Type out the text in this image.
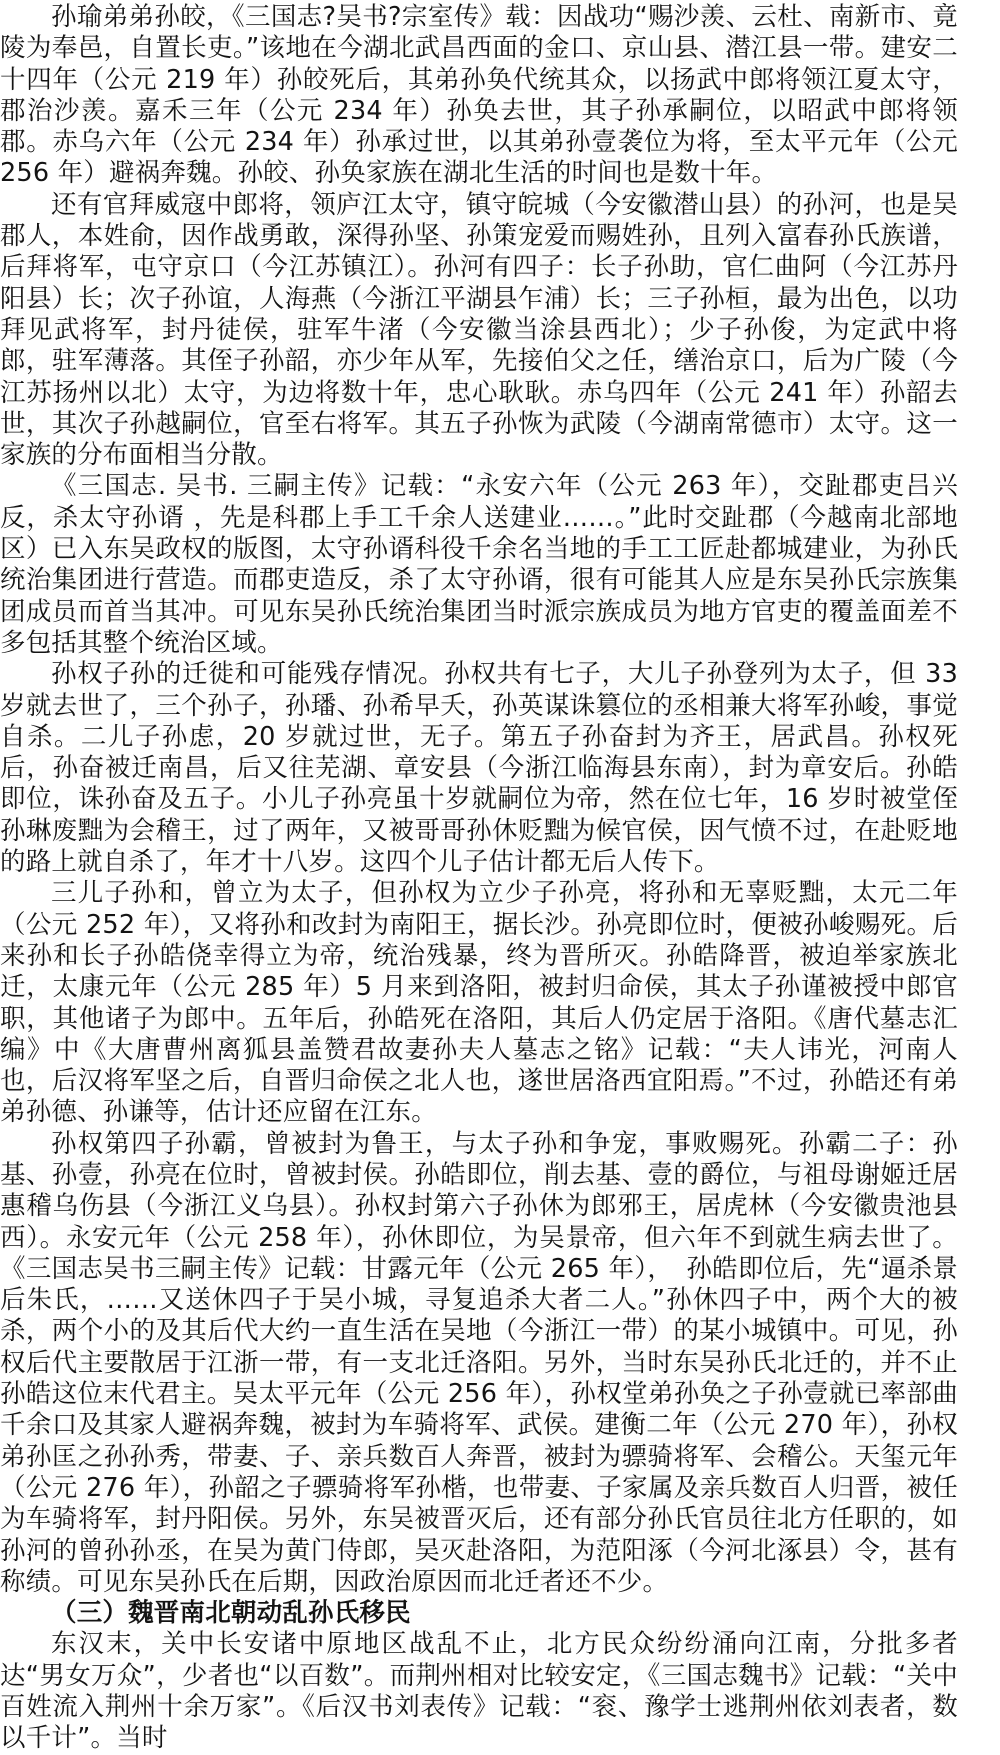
孙瑜弟弟孙皎，《三国志?吴书?宗室传》载：因战功“赐沙羡、云杜、南新市、竟陵为奉邑，自置长吏。”该地在今湖北武昌西面的金口、京山县、潜江县一带。建安二十四年（公元 219 年）孙皎死后，其弟孙奂代统其众，以扬武中郎将领江夏太守，郡治沙羡。嘉禾三年（公元 234 年）孙奂去世，其子孙承嗣位，以昭武中郎将领郡。赤乌六年（公元 234 年）孙承过世，以其弟孙壹袭位为将，至太平元年（公元 256 年）避祸奔魏。孙皎、孙奂家族在湖北生活的时间也是数十年。

还有官拜威寇中郎将，领庐江太守，镇守皖城（今安徽潜山县）的孙河，也是吴郡人，本姓俞，因作战勇敢，深得孙坚、孙策宠爱而赐姓孙，且列入富春孙氏族谱，后拜将军，屯守京口（今江苏镇江）。孙河有四子：长子孙助，官仁曲阿（今江苏丹阳县）长；次子孙谊，人海燕（今浙江平湖县乍浦）长；三子孙桓，最为出色，以功拜见武将军，封丹徒侯，驻军牛渚（今安徽当涂县西北）；少子孙俊，为定武中将郎，驻军薄落。其侄子孙韶，亦少年从军，先接伯父之任，缮治京口，后为广陵（今江苏扬州以北）太守，为边将数十年，忠心耿耿。赤乌四年（公元 241 年）孙韶去世，其次子孙越嗣位，官至右将军。其五子孙恢为武陵（今湖南常德市）太守。这一家族的分布面相当分散。

《三国志. 吴书. 三嗣主传》记载：“永安六年（公元 263 年），交趾郡吏吕兴反，杀太守孙谞 ，先是科郡上手工千余人送建业……。”此时交趾郡（今越南北部地区）已入东吴政权的版图，太守孙谞科役千余名当地的手工工匠赴都城建业，为孙氏统治集团进行营造。而郡吏造反，杀了太守孙谞，很有可能其人应是东吴孙氏宗族集团成员而首当其冲。可见东吴孙氏统治集团当时派宗族成员为地方官吏的覆盖面差不多包括其整个统治区域。

孙权子孙的迁徙和可能残存情况。孙权共有七子，大儿子孙登列为太子，但 33 岁就去世了，三个孙子，孙璠、孙希早夭，孙英谋诛篡位的丞相兼大将军孙峻，事觉自杀。二儿子孙虑，20 岁就过世，无子。第五子孙奋封为齐王，居武昌。孙权死后，孙奋被迁南昌，后又往芜湖、章安县（今浙江临海县东南），封为章安后。孙皓即位，诛孙奋及五子。小儿子孙亮虽十岁就嗣位为帝，然在位七年，16 岁时被堂侄孙琳废黜为会稽王，过了两年，又被哥哥孙休贬黜为候官侯，因气愤不过，在赴贬地的路上就自杀了，年才十八岁。这四个儿子估计都无后人传下。

三儿子孙和，曾立为太子，但孙权为立少子孙亮，将孙和无辜贬黜，太元二年（公元 252 年），又将孙和改封为南阳王，据长沙。孙亮即位时，便被孙峻赐死。后来孙和长子孙皓侥幸得立为帝，统治残暴，终为晋所灭。孙皓降晋，被迫举家族北迁，太康元年（公元 285 年）5 月来到洛阳，被封归命侯，其太子孙谨被授中郎官职，其他诸子为郎中。五年后，孙皓死在洛阳，其后人仍定居于洛阳。《唐代墓志汇编》中《大唐曹州离狐县盖赞君故妻孙夫人墓志之铭》记载：“夫人讳光，河南人也，后汉将军坚之后，自晋归命侯之北人也，遂世居洛西宜阳焉。”不过，孙皓还有弟弟孙德、孙谦等，估计还应留在江东。

孙权第四子孙霸，曾被封为鲁王，与太子孙和争宠，事败赐死。孙霸二子：孙基、孙壹，孙亮在位时，曾被封侯。孙皓即位，削去基、壹的爵位，与祖母谢姬迁居惠稽乌伤县（今浙江义乌县）。孙权封第六子孙休为郎邪王，居虎林（今安徽贵池县西）。永安元年（公元 258 年），孙休即位，为吴景帝，但六年不到就生病去世了。《三国志吴书三嗣主传》记载：甘露元年（公元 265 年），　孙皓即位后，先“逼杀景后朱氏，……又送休四子于吴小城，寻复追杀大者二人。”孙休四子中，两个大的被杀，两个小的及其后代大约一直生活在吴地（今浙江一带）的某小城镇中。可见，孙权后代主要散居于江浙一带，有一支北迁洛阳。另外，当时东吴孙氏北迁的，并不止孙皓这位末代君主。吴太平元年（公元 256 年），孙权堂弟孙奂之子孙壹就已率部曲千余口及其家人避祸奔魏，被封为车骑将军、武侯。建衡二年（公元 270 年），孙权弟孙匡之孙孙秀，带妻、子、亲兵数百人奔晋，被封为骠骑将军、会稽公。天玺元年（公元 276 年），孙韶之子骠骑将军孙楷，也带妻、子家属及亲兵数百人归晋，被任为车骑将军，封丹阳侯。另外，东吴被晋灭后，还有部分孙氏官员往北方任职的，如孙河的曾孙孙丞，在吴为黄门侍郎，吴灭赴洛阳，为范阳涿（今河北涿县）令，甚有称绩。可见东吴孙氏在后期，因政治原因而北迁者还不少。

（三）魏晋南北朝动乱孙氏移民

东汉末，关中长安诸中原地区战乱不止，北方民众纷纷涌向江南，分批多者达“男女万众”，少者也“以百数”。而荆州相对比较安定，《三国志魏书》记载：“关中百姓流入荆州十余万家”。《后汉书刘表传》记载：“衮、豫学士逃荆州依刘表者，数以千计”。当时
